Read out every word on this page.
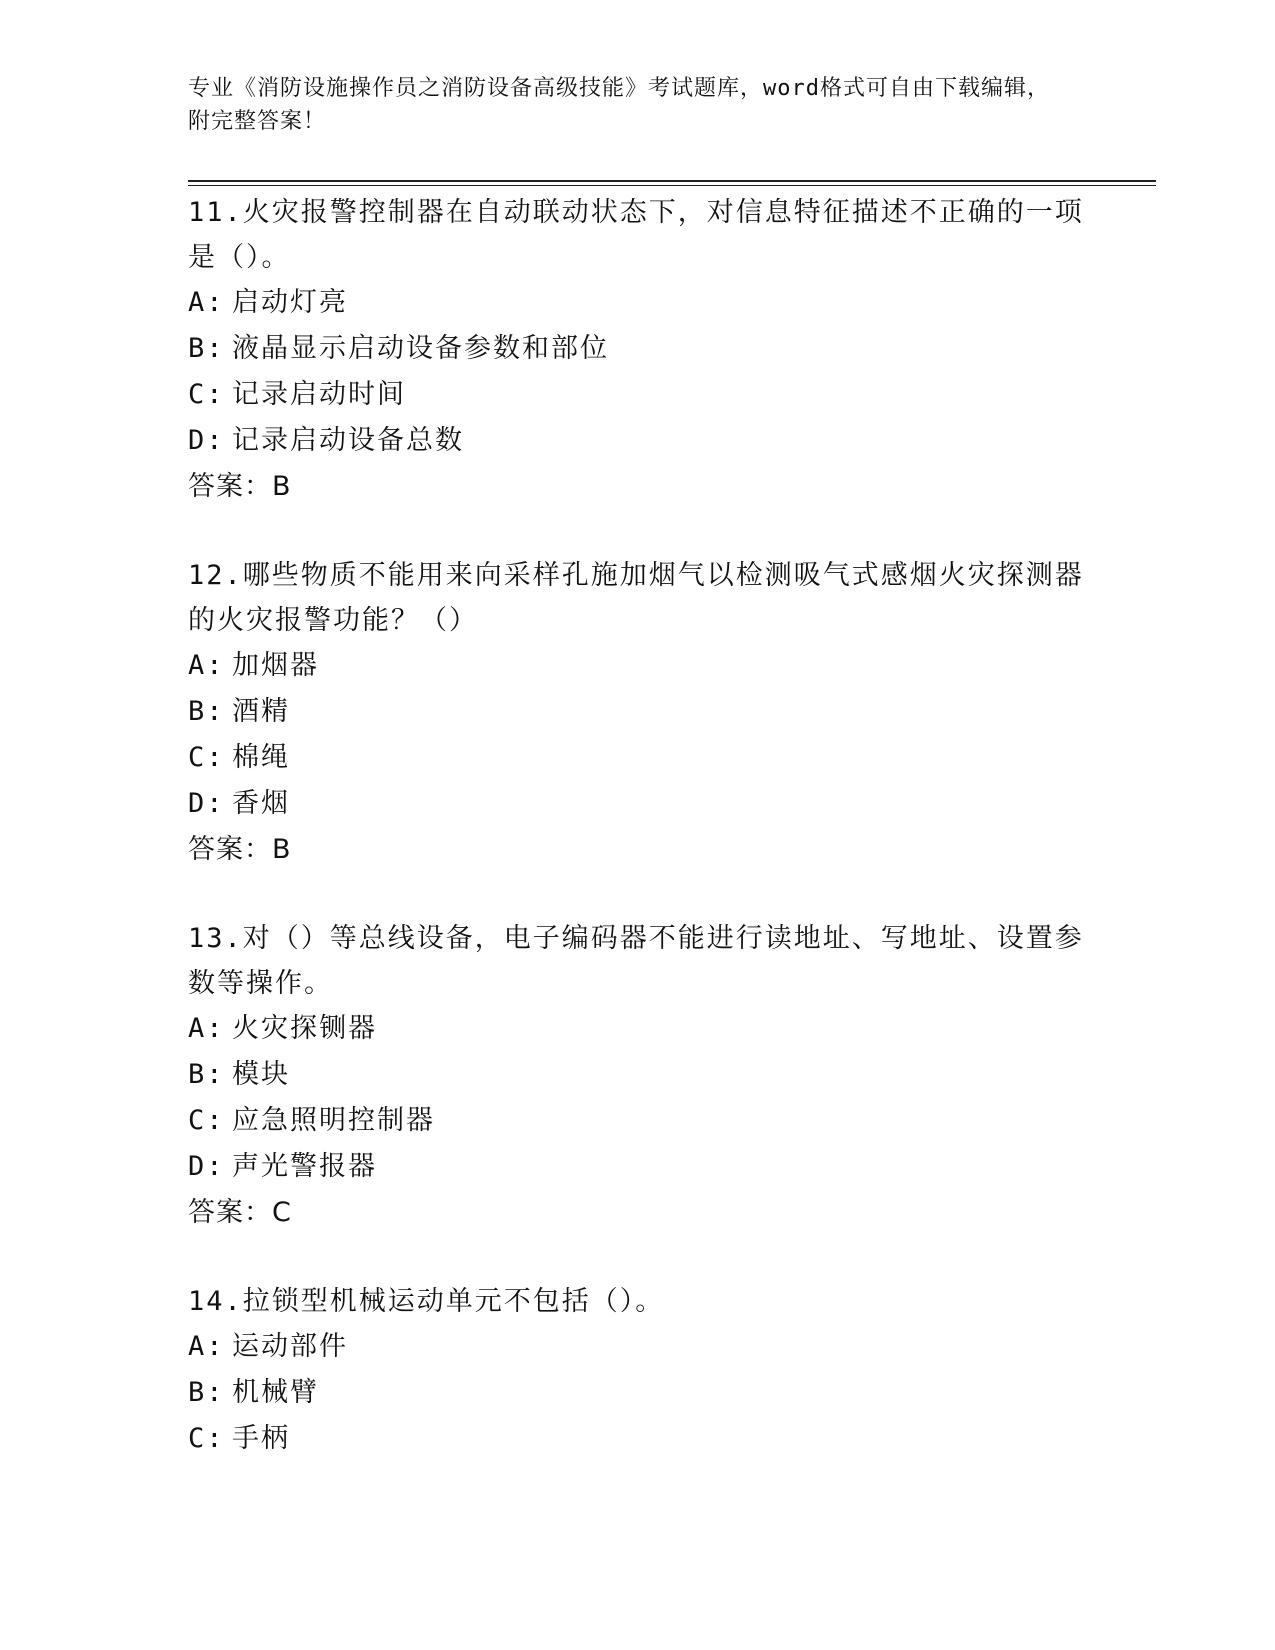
专业《消防设施操作员之消防设备高级技能》考试题库，word格式可自由下载编辑，附完整答案！
11.火灾报警控制器在自动联动状态下，对信息特征描述不正确的一项是（）。
A: 启动灯亮
B: 液晶显示启动设备参数和部位
C: 记录启动时间
D: 记录启动设备总数
答案：B
12.哪些物质不能用来向采样孔施加烟气以检测吸气式感烟火灾探测器的火灾报警功能？（）
A: 加烟器
B: 酒精
C: 棉绳
D: 香烟
答案：B
13.对（）等总线设备，电子编码器不能进行读地址、写地址、设置参数等操作。
A: 火灾探铡器
B: 模块
C: 应急照明控制器
D: 声光警报器
答案：C
14.拉锁型机械运动单元不包括（）。
A: 运动部件
B: 机械臂
C: 手柄
